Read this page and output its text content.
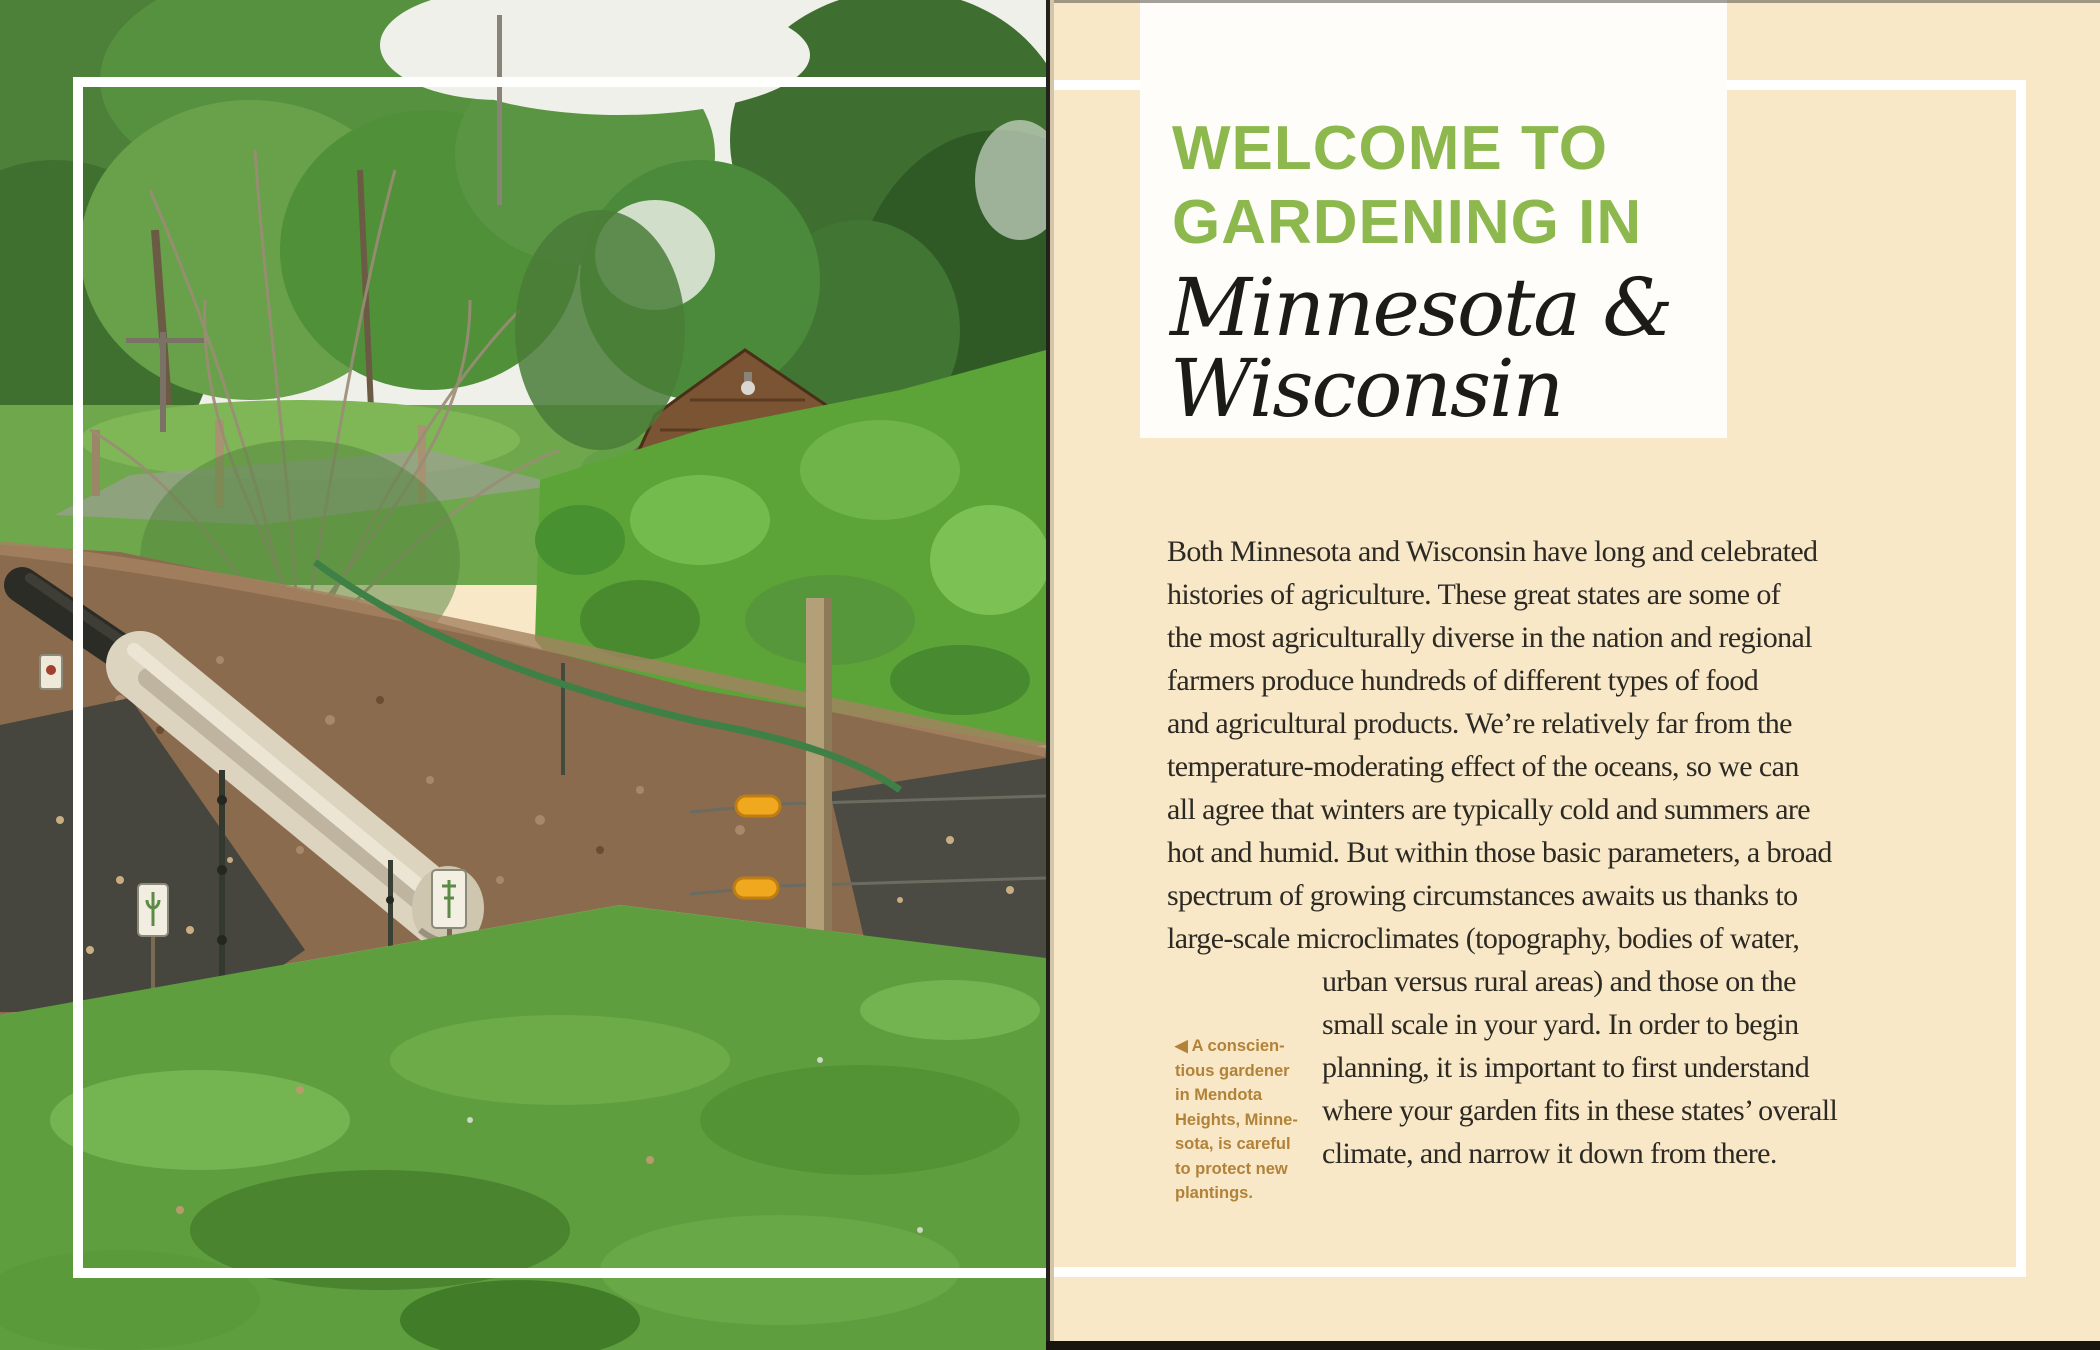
WELCOME TO
GARDENING IN
Minnesota &
Wisconsin
Both Minnesota and Wisconsin have long and celebrated
histories of agriculture. These great states are some of
the most agriculturally diverse in the nation and regional
farmers produce hundreds of different types of food
and agricultural products. We’re relatively far from the
temperature-moderating effect of the oceans, so we can
all agree that winters are typically cold and summers are
hot and humid. But within those basic parameters, a broad
spectrum of growing circumstances awaits us thanks to
large-scale microclimates (topography, bodies of water,
urban versus rural areas) and those on the
small scale in your yard. In order to begin
planning, it is important to first understand
where your garden fits in these states’ overall
climate, and narrow it down from there.
◀ A conscien-
tious gardener
in Mendota
Heights, Minne-
sota, is careful
to protect new
plantings.
